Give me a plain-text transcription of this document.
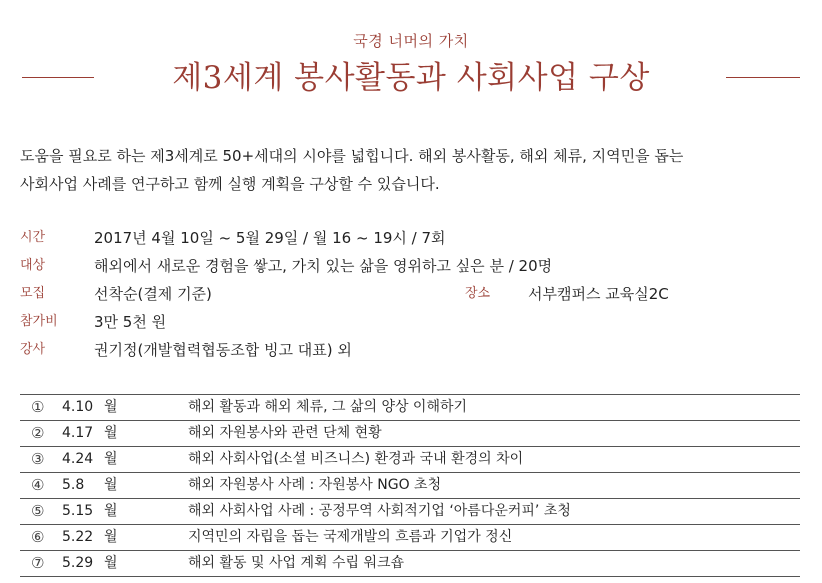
국경 너머의 가치
제3세계 봉사활동과 사회사업 구상

도움을 필요로 하는 제3세계로 50+세대의 시야를 넓힙니다. 해외 봉사활동, 해외 체류, 지역민을 돕는

사회사업 사례를 연구하고 함께 실행 계획을 구상할 수 있습니다.

시간	2017년 4월 10일 ~ 5월 29일 / 월 16 ~ 19시 / 7회
대상	해외에서 새로운 경험을 쌓고, 가치 있는 삶을 영위하고 싶은 분 / 20명
모집	선착순(결제 기준)	장소	서부캠퍼스 교육실2C
참가비 3만 5천 원
강사	권기정(개발협력협동조합 빙고 대표) 외
① 4.10 월	해외 활동과 해외 체류, 그 삶의 양상 이해하기
② 4.17 월	해외 자원봉사와 관련 단체 현황
③ 4.24 월	해외 사회사업(소셜 비즈니스) 환경과 국내 환경의 차이
④ 5.8 월	해외 자원봉사 사례 : 자원봉사 NGO 초청
⑤ 5.15 월	해외 사회사업 사례 : 공정무역 사회적기업 ‘아름다운커피’ 초청
⑥ 5.22 월	지역민의 자립을 돕는 국제개발의 흐름과 기업가 정신
⑦ 5.29 월	해외 활동 및 사업 계획 수립 워크숍
